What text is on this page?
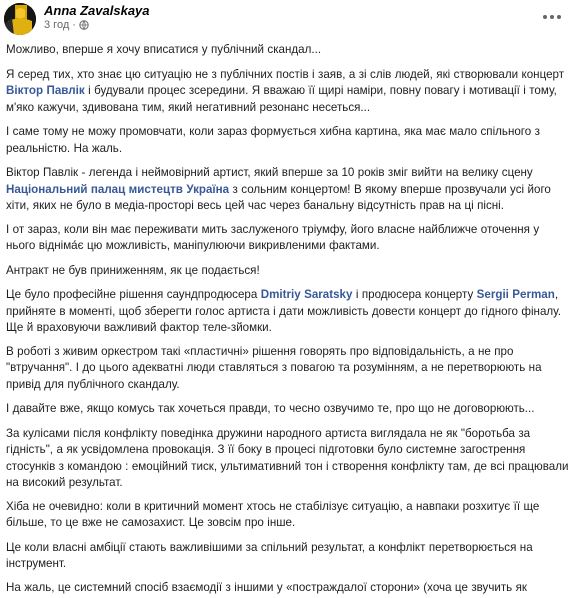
Anna Zavalskaya
3 год ·

Можливо, вперше я хочу вписатися у публічний скандал...

Я серед тих, хто знає цю ситуацію не з публічних постів і заяв, а зі слів людей, які створювали концерт Віктор Павлік і будували процес зсередини. Я вважаю її щирі наміри, повну повагу і мотивації і тому, м'яко кажучи, здивована тим, який негативний резонанс несеться...

І саме тому не можу промовчати, коли зараз формується хибна картина, яка має мало спільного з реальністю. На жаль.

Віктор Павлік - легенда і неймовірний артист, який вперше за 10 років зміг вийти на велику сцену Національний палац мистецтв Україна з сольним концертом! В якому вперше прозвучали усі його хіти, яких не було в медіа-просторі весь цей час через банальну відсутність прав на ці пісні.

І от зараз, коли він має переживати мить заслуженого тріумфу, його власне найближче оточення у нього відніма́є цю можливість, маніпулюючи викривленими фактами.

Антракт не був приниженням, як це подається!

Це було професійне рішення саундпродюсера Dmitriy Saratsky і продюсера концерту Sergii Perman, прийняте в моменті, щоб зберегти голос артиста і дати можливість довести концерт до гідного фіналу. Ще й враховуючи важливий фактор теле-зйомки.

В роботі з живим оркестром такі «пластичні» рішення говорять про відповідальність, а не про "втручання". І до цього адекватні люди ставляться з повагою та розумінням, а не перетворюють на привід для публічного скандалу.

І давайте вже, якщо комусь так хочеться правди, то чесно озвучимо те, про що не договорюють...

За кулісами після конфлікту поведінка дружини народного артиста виглядала не як "боротьба за гідність", а як усвідомлена провокація. З її боку в процесі підготовки було системне загострення стосунків з командою : емоційний тиск, ультимативний тон і створення конфлікту там, де всі працювали на високий результат.

Хіба не очевидно: коли в критичний момент хтось не стабілізує ситуацію, а навпаки розхитує її ще більше, то це вже не самозахист. Це зовсім про інше.

Це коли власні амбіції стають важливішими за спільний результат, а конфлікт перетворюється на інструмент.

На жаль, це системний спосіб взаємодії з іншими у «постраждалої сторони» (хоча це звучить як
